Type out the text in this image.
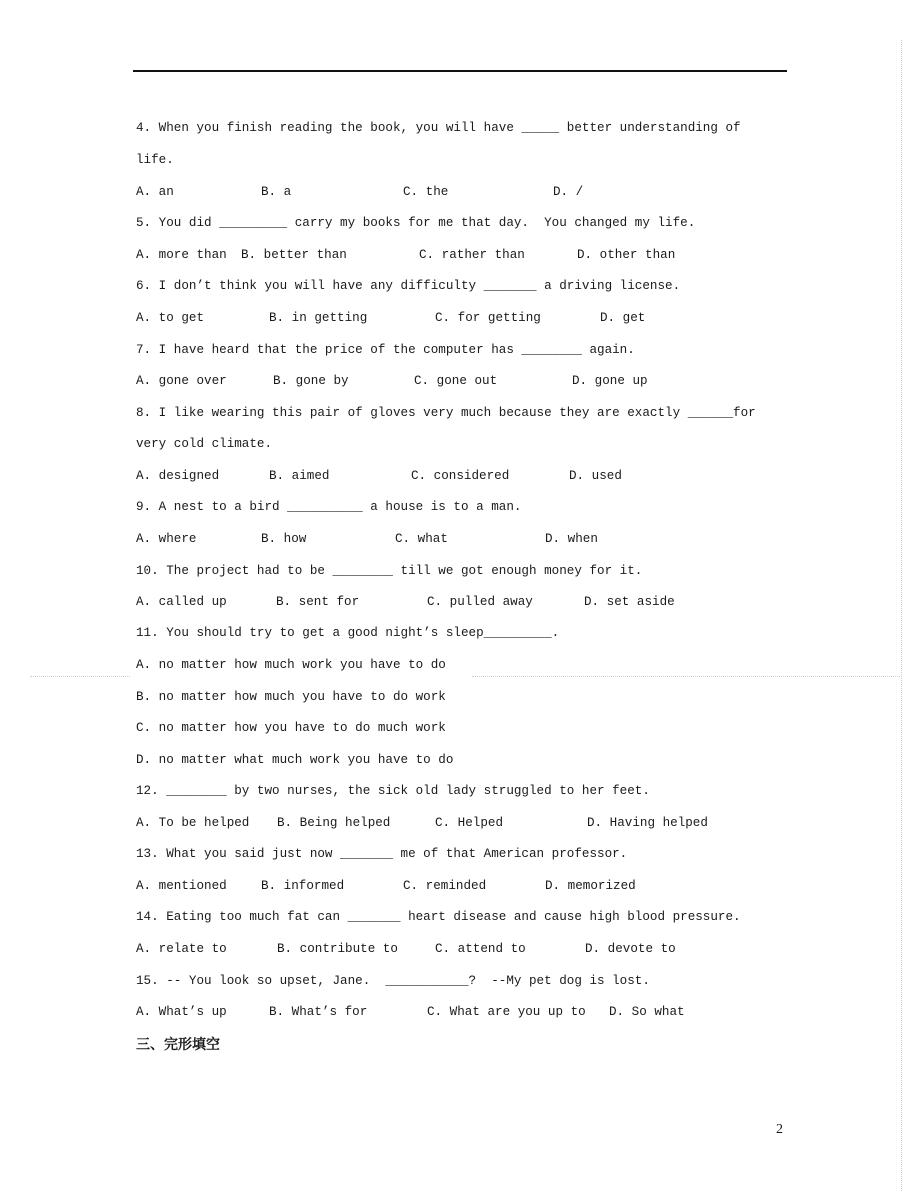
4. When you finish reading the book, you will have _____ better understanding of
life.
A. an	B. a	C. the	D. /
5. You did _________ carry my books for me that day.  You changed my life.
A. more than B. better than	C. rather than	D. other than
6. I don’t think you will have any difficulty _______ a driving license.
A. to get	B. in getting	C. for getting	D. get
7. I have heard that the price of the computer has ________ again.
A. gone over	B. gone by	C. gone out	D. gone up
8. I like wearing this pair of gloves very much because they are exactly ______for
very cold climate.
A. designed	B. aimed	C. considered	D. used
9. A nest to a bird __________ a house is to a man.
A. where	B. how	C. what	D. when
10. The project had to be ________ till we got enough money for it.
A. called up	B. sent for	C. pulled away	D. set aside
11. You should try to get a good night’s sleep_________.
A. no matter how much work you have to do
B. no matter how much you have to do work
C. no matter how you have to do much work
D. no matter what much work you have to do
12. ________ by two nurses, the sick old lady struggled to her feet.
A. To be helped B. Being helped	C. Helped	D. Having helped
13. What you said just now _______ me of that American professor.
A. mentioned	B. informed	C. reminded	D. memorized
14. Eating too much fat can _______ heart disease and cause high blood pressure.
A. relate to	B. contribute to	C. attend to	D. devote to
15. -- You look so upset, Jane.  ___________?  --My pet dog is lost.
A. What’s up	B. What’s for	C. What are you up to D. So what
三、完形填空
2
